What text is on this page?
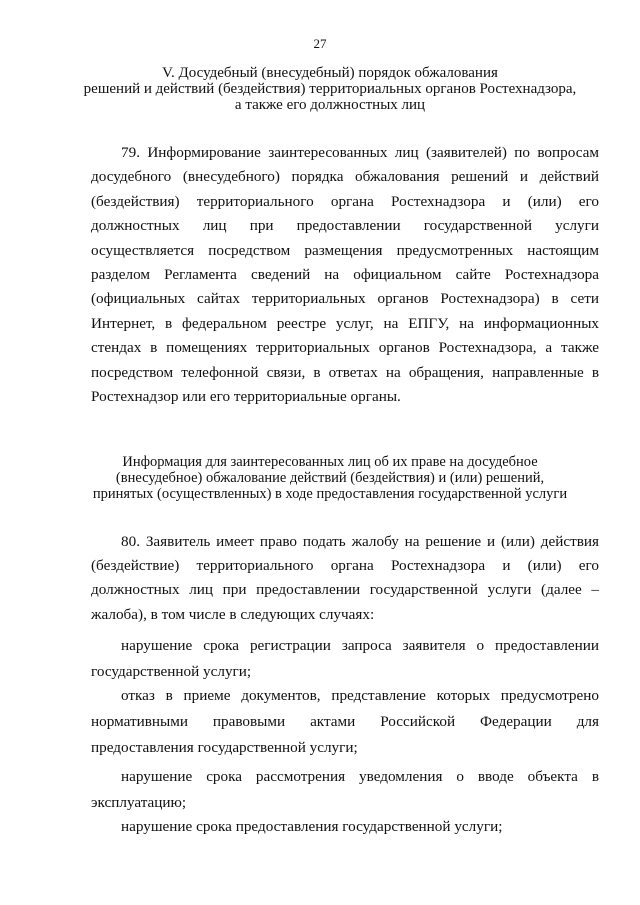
27
V. Досудебный (внесудебный) порядок обжалования
решений и действий (бездействия) территориальных органов Ростехнадзора,
а также его должностных лиц

79. Информирование заинтересованных лиц (заявителей) по вопросам досудебного (внесудебного) порядка обжалования решений и действий (бездействия) территориального органа Ростехнадзора и (или) его должностных лиц при предоставлении государственной услуги осуществляется посредством размещения предусмотренных настоящим разделом Регламента сведений на официальном сайте Ростехнадзора (официальных сайтах территориальных органов Ростехнадзора) в сети Интернет, в федеральном реестре услуг, на ЕПГУ, на информационных стендах в помещениях территориальных органов Ростехнадзора, а также посредством телефонной связи, в ответах на обращения, направленные в Ростехнадзор или его территориальные органы.

Информация для заинтересованных лиц об их праве на досудебное
(внесудебное) обжалование действий (бездействия) и (или) решений,
принятых (осуществленных) в ходе предоставления государственной услуги

80. Заявитель имеет право подать жалобу на решение и (или) действия (бездействие) территориального органа Ростехнадзора и (или) его должностных лиц при предоставлении государственной услуги (далее – жалоба), в том числе в следующих случаях:

нарушение срока регистрации запроса заявителя о предоставлении государственной услуги;

отказ в приеме документов, представление которых предусмотрено нормативными правовыми актами Российской Федерации для предоставления государственной услуги;

нарушение срока рассмотрения уведомления о вводе объекта в эксплуатацию;

нарушение срока предоставления государственной услуги;
